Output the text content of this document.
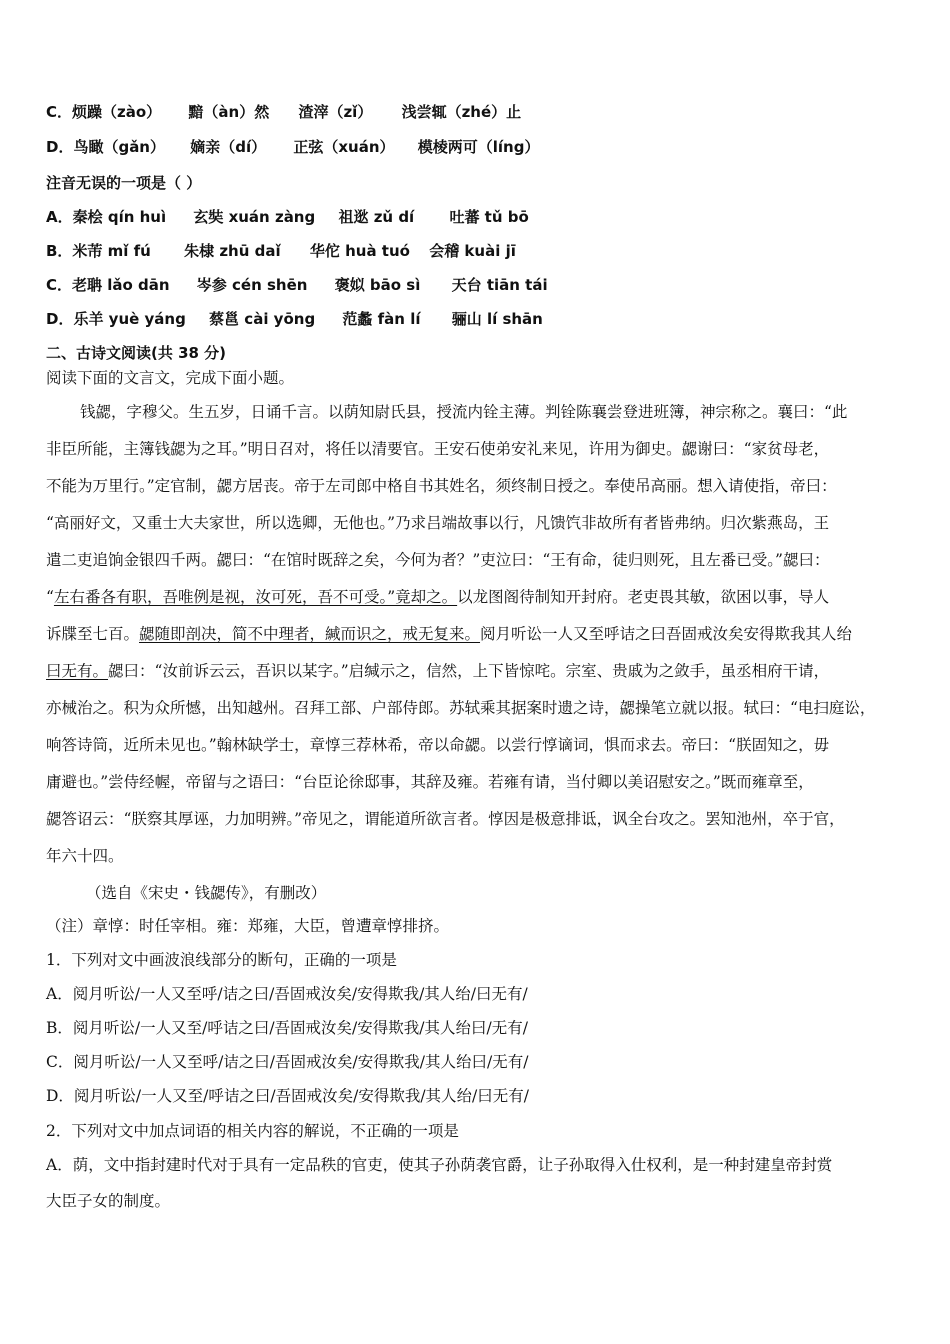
C．烦躁（zào） 黯（àn）然 渣滓（zǐ） 浅尝辄（zhé）止
D．鸟瞰（gǎn） 嫡亲（dí） 正弦（xuán） 模棱两可（líng）
注音无误的一项是（ ）
A．秦桧 qín huì 玄奘 xuán zàng 祖逖 zǔ dí 吐蕃 tǔ bō
B．米芾 mǐ fú 朱棣 zhū daǐ 华佗 huà tuó 会稽 kuài jī
C．老聃 lǎo dān 岑参 cén shēn 褒姒 bāo sì 天台 tiān tái
D．乐羊 yuè yáng 蔡邕 cài yōng 范蠡 fàn lí 骊山 lí shān
二、古诗文阅读(共 38 分)
阅读下面的文言文，完成下面小题。

钱勰，字穆父。生五岁，日诵千言。以荫知尉氏县，授流内铨主薄。判铨陈襄尝登进班簿，神宗称之。襄曰：“此

非臣所能，主簿钱勰为之耳。”明日召对，将任以清要官。王安石使弟安礼来见，许用为御史。勰谢曰：“家贫母老，

不能为万里行。”定官制，勰方居丧。帝于左司郎中格自书其姓名，须终制日授之。奉使吊高丽。想入请使指，帝曰：

“高丽好文，又重士大夫家世，所以选卿，无他也。”乃求吕端故事以行，凡馈饩非故所有者皆弗纳。归次紫燕岛，王

遣二吏追饷金银四千两。勰曰：“在馆时既辞之矣，今何为者？”吏泣曰：“王有命，徒归则死，且左番已受。”勰曰：

“左右番各有职，吾唯例是视，汝可死，吾不可受。”竟却之。以龙图阁待制知开封府。老吏畏其敏，欲困以事，导人

诉牒至七百。勰随即剖决，简不中理者，緘而识之，戒无复来。阅月听讼一人又至呼诘之曰吾固戒汝矣安得欺我其人绐

曰无有。勰曰：“汝前诉云云，吾识以某字。”启缄示之，信然，上下皆惊咤。宗室、贵戚为之敛手，虽丞相府干请，

亦械治之。积为众所憾，出知越州。召拜工部、户部侍郎。苏轼乘其据案时遗之诗，勰操笔立就以报。轼曰：“电扫庭讼，

响答诗筒，近所未见也。”翰林缺学士，章惇三荐林希，帝以命勰。以尝行惇谪词，惧而求去。帝曰：“朕固知之，毋

庸避也。”尝侍经幄，帝留与之语曰：“台臣论徐邸事，其辞及雍。若雍有请，当付卿以美诏慰安之。”既而雍章至，

勰答诏云：“朕察其厚诬，力加明辨。”帝见之，谓能道所欲言者。惇因是极意排诋，讽全台攻之。罢知池州，卒于官，

年六十四。

（选自《宋史・钱勰传》，有删改）
（注）章惇：时任宰相。雍：郑雍，大臣，曾遭章惇排挤。
1．下列对文中画波浪线部分的断句，正确的一项是
A．阅月听讼/一人又至呼/诘之曰/吾固戒汝矣/安得欺我/其人绐/曰无有/
B．阅月听讼/一人又至/呼诘之曰/吾固戒汝矣/安得欺我/其人绐曰/无有/
C．阅月听讼/一人又至呼/诘之曰/吾固戒汝矣/安得欺我/其人绐曰/无有/
D．阅月听讼/一人又至/呼诘之曰/吾固戒汝矣/安得欺我/其人绐/曰无有/
2．下列对文中加点词语的相关内容的解说，不正确的一项是
A．荫，文中指封建时代对于具有一定品秩的官吏，使其子孙荫袭官爵，让子孙取得入仕权利，是一种封建皇帝封赏
大臣子女的制度。
